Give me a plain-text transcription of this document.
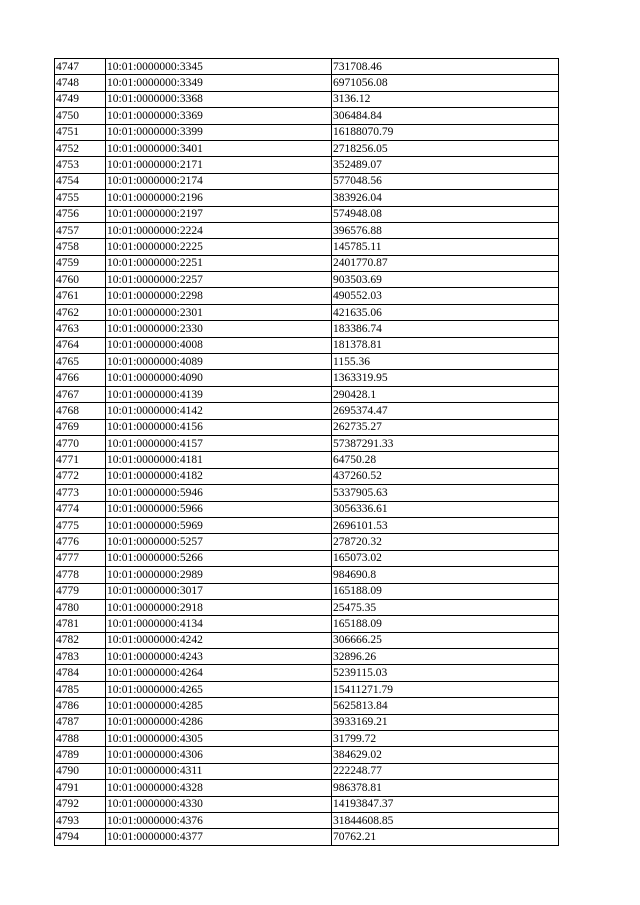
4747	10:01:0000000:3345	731708.46
4748	10:01:0000000:3349	6971056.08
4749	10:01:0000000:3368	3136.12
4750	10:01:0000000:3369	306484.84
4751	10:01:0000000:3399	16188070.79
4752	10:01:0000000:3401	2718256.05
4753	10:01:0000000:2171	352489.07
4754	10:01:0000000:2174	577048.56
4755	10:01:0000000:2196	383926.04
4756	10:01:0000000:2197	574948.08
4757	10:01:0000000:2224	396576.88
4758	10:01:0000000:2225	145785.11
4759	10:01:0000000:2251	2401770.87
4760	10:01:0000000:2257	903503.69
4761	10:01:0000000:2298	490552.03
4762	10:01:0000000:2301	421635.06
4763	10:01:0000000:2330	183386.74
4764	10:01:0000000:4008	181378.81
4765	10:01:0000000:4089	1155.36
4766	10:01:0000000:4090	1363319.95
4767	10:01:0000000:4139	290428.1
4768	10:01:0000000:4142	2695374.47
4769	10:01:0000000:4156	262735.27
4770	10:01:0000000:4157	57387291.33
4771	10:01:0000000:4181	64750.28
4772	10:01:0000000:4182	437260.52
4773	10:01:0000000:5946	5337905.63
4774	10:01:0000000:5966	3056336.61
4775	10:01:0000000:5969	2696101.53
4776	10:01:0000000:5257	278720.32
4777	10:01:0000000:5266	165073.02
4778	10:01:0000000:2989	984690.8
4779	10:01:0000000:3017	165188.09
4780	10:01:0000000:2918	25475.35
4781	10:01:0000000:4134	165188.09
4782	10:01:0000000:4242	306666.25
4783	10:01:0000000:4243	32896.26
4784	10:01:0000000:4264	5239115.03
4785	10:01:0000000:4265	15411271.79
4786	10:01:0000000:4285	5625813.84
4787	10:01:0000000:4286	3933169.21
4788	10:01:0000000:4305	31799.72
4789	10:01:0000000:4306	384629.02
4790	10:01:0000000:4311	222248.77
4791	10:01:0000000:4328	986378.81
4792	10:01:0000000:4330	14193847.37
4793	10:01:0000000:4376	31844608.85
4794	10:01:0000000:4377	70762.21
